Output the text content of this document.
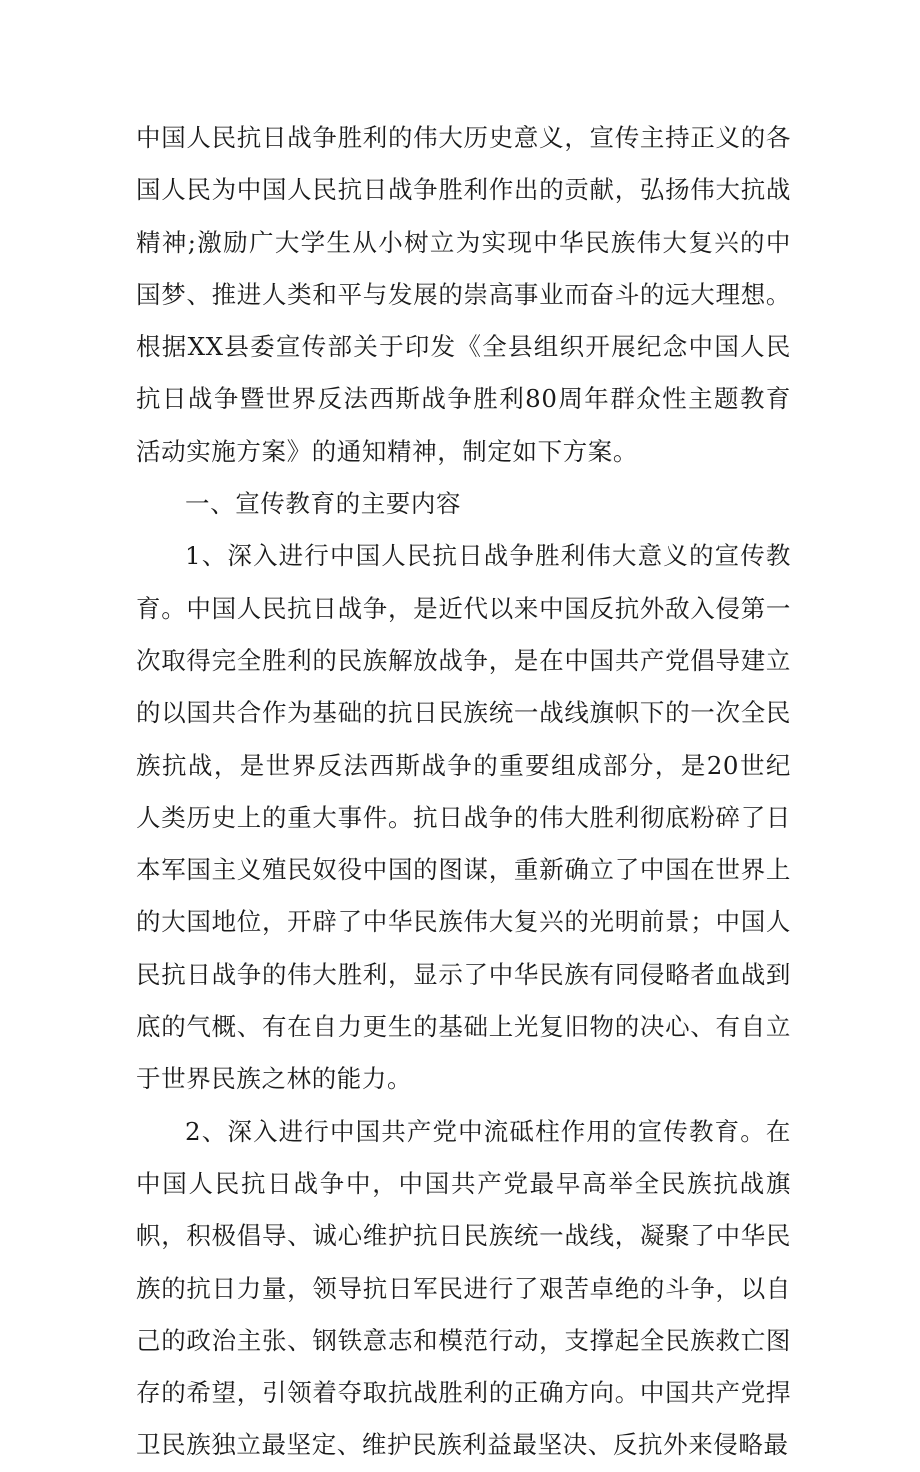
中国人民抗日战争胜利的伟大历史意义，宣传主持正义的各国人民为中国人民抗日战争胜利作出的贡献，弘扬伟大抗战精神;激励广大学生从小树立为实现中华民族伟大复兴的中国梦、推进人类和平与发展的崇高事业而奋斗的远大理想。根据XX县委宣传部关于印发《全县组织开展纪念中国人民抗日战争暨世界反法西斯战争胜利80周年群众性主题教育活动实施方案》的通知精神，制定如下方案。

一、宣传教育的主要内容

1、深入进行中国人民抗日战争胜利伟大意义的宣传教育。中国人民抗日战争，是近代以来中国反抗外敌入侵第一次取得完全胜利的民族解放战争，是在中国共产党倡导建立的以国共合作为基础的抗日民族统一战线旗帜下的一次全民族抗战，是世界反法西斯战争的重要组成部分，是20世纪人类历史上的重大事件。抗日战争的伟大胜利彻底粉碎了日本军国主义殖民奴役中国的图谋，重新确立了中国在世界上的大国地位，开辟了中华民族伟大复兴的光明前景；中国人民抗日战争的伟大胜利，显示了中华民族有同侵略者血战到底的气概、有在自力更生的基础上光复旧物的决心、有自立于世界民族之林的能力。

2、深入进行中国共产党中流砥柱作用的宣传教育。在中国人民抗日战争中，中国共产党最早高举全民族抗战旗帜，积极倡导、诚心维护抗日民族统一战线，凝聚了中华民族的抗日力量，领导抗日军民进行了艰苦卓绝的斗争，以自己的政治主张、钢铁意志和模范行动，支撑起全民族救亡图存的希望，引领着夺取抗战胜利的正确方向。中国共产党捍卫民族独立最坚定、维护民族利益最坚决、反抗外来侵略最
